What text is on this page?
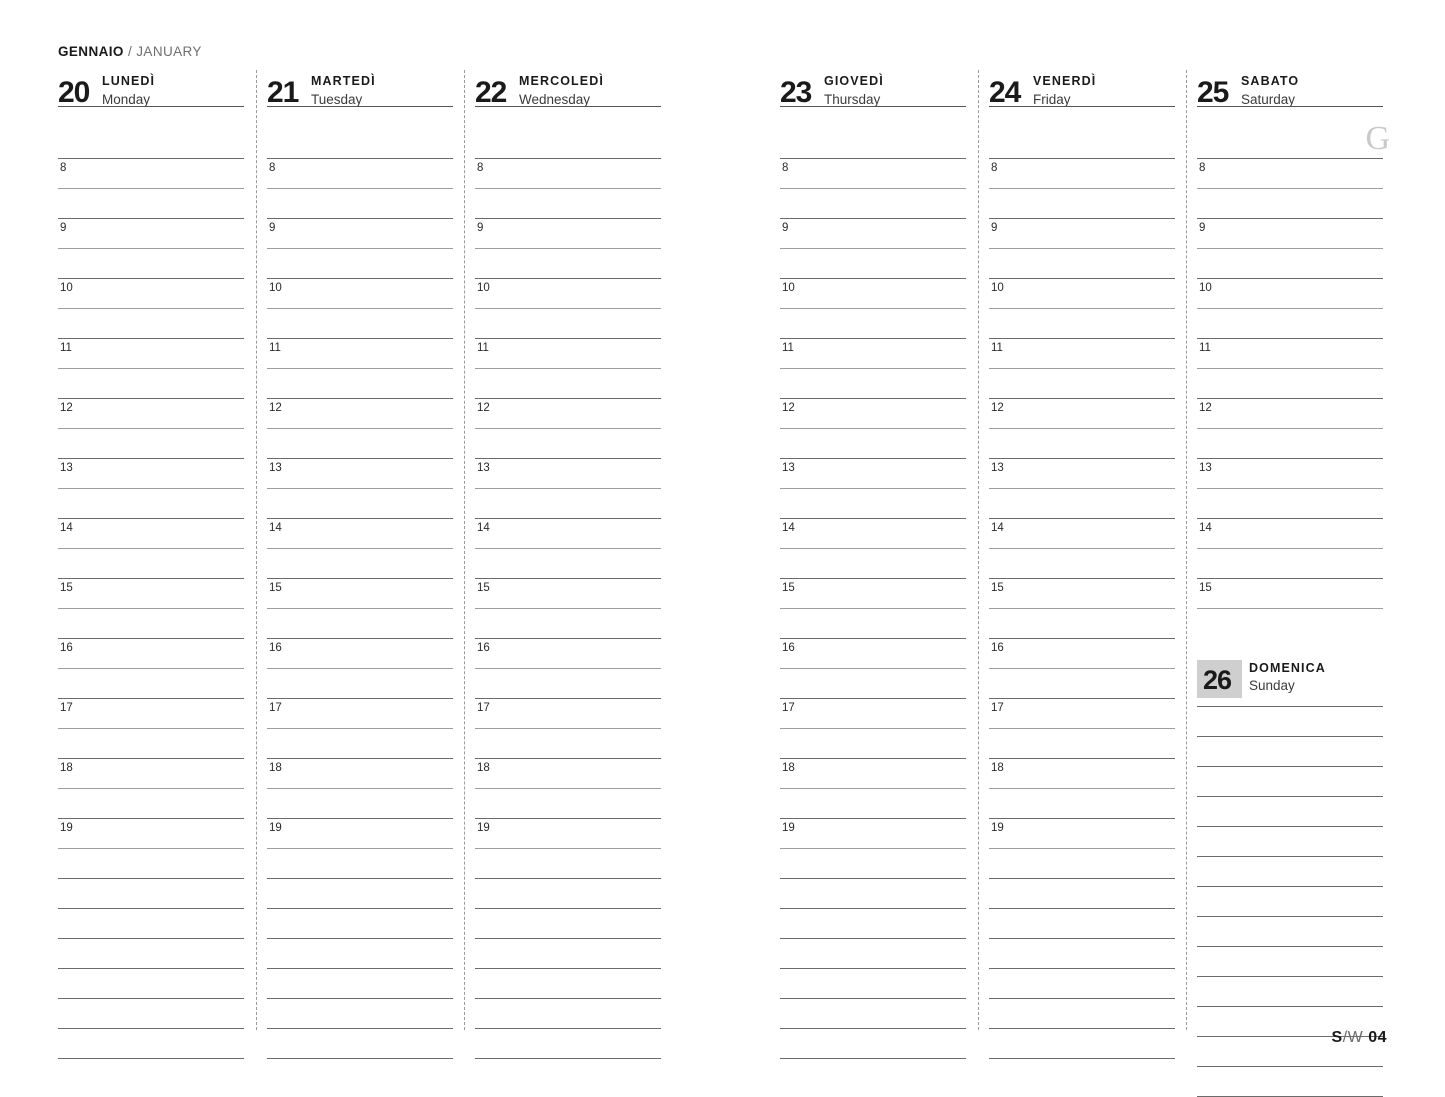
GENNAIO / JANUARY
G
20 LUNEDÌ
Monday
8
9
10
11
12
13
14
15
16
17
18
19
21 MARTEDÌ
Tuesday
8
9
10
11
12
13
14
15
16
17
18
19
22 MERCOLEDÌ
Wednesday
8
9
10
11
12
13
14
15
16
17
18
19
23 GIOVEDÌ
Thursday
8
9
10
11
12
13
14
15
16
17
18
19
24 VENERDÌ
Friday
8
9
10
11
12
13
14
15
16
17
18
19
25 SABATO
Saturday
8
9
10
11
12
13
14
15
26 DOMENICA
Sunday
S/W 04
